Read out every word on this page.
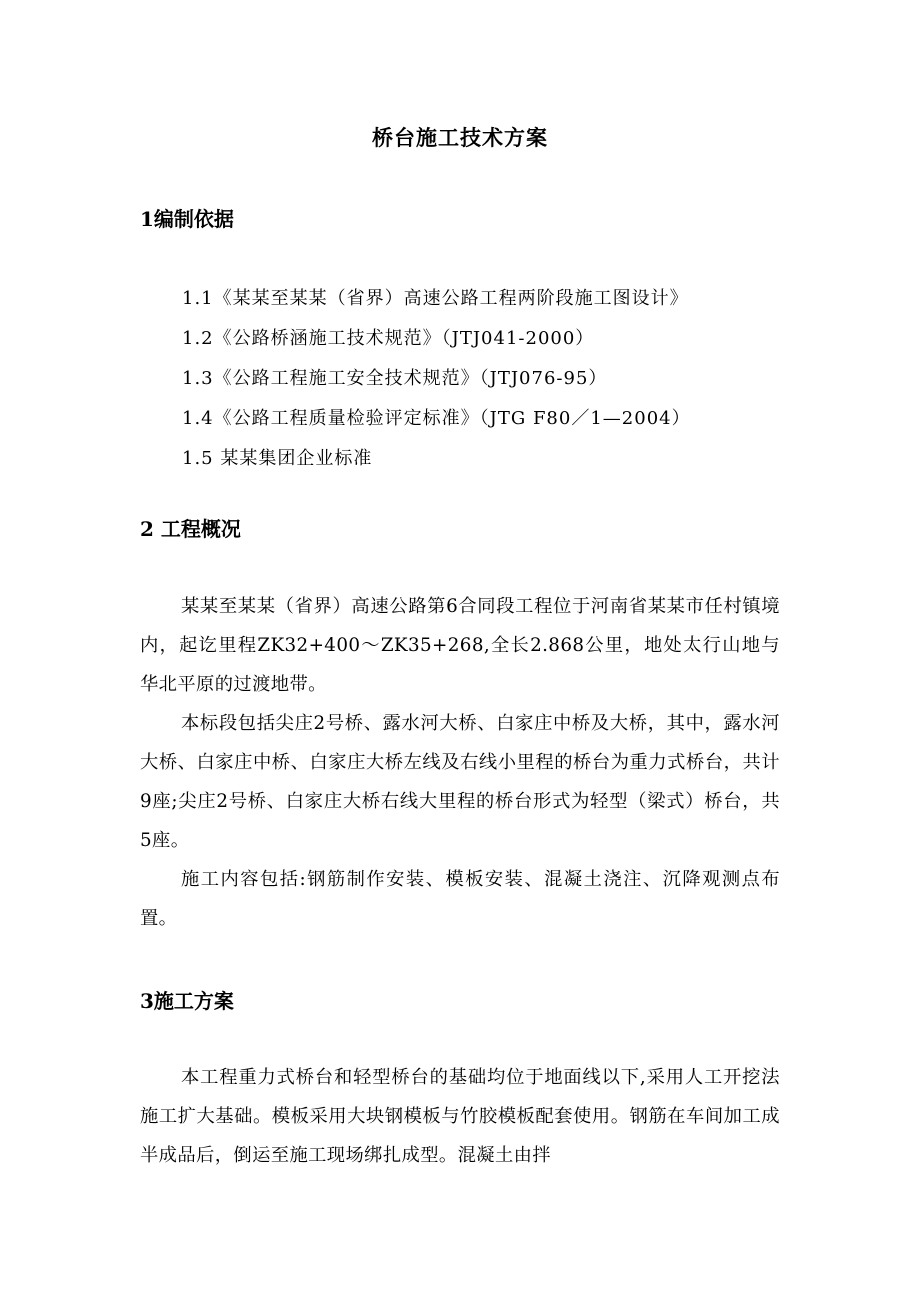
桥台施工技术方案
1编制依据
1.1《某某至某某（省界）高速公路工程两阶段施工图设计》
1.2《公路桥涵施工技术规范》（JTJ041-2000）
1.3《公路工程施工安全技术规范》（JTJ076-95）
1.4《公路工程质量检验评定标准》（JTG F80／1—2004）
1.5 某某集团企业标准
2 工程概况
某某至某某（省界）高速公路第6合同段工程位于河南省某某市任村镇境内，起讫里程ZK32+400～ZK35+268,全长2.868公里，地处太行山地与华北平原的过渡地带。
本标段包括尖庄2号桥、露水河大桥、白家庄中桥及大桥，其中，露水河大桥、白家庄中桥、白家庄大桥左线及右线小里程的桥台为重力式桥台，共计9座;尖庄2号桥、白家庄大桥右线大里程的桥台形式为轻型（梁式）桥台，共5座。
施工内容包括:钢筋制作安装、模板安装、混凝土浇注、沉降观测点布置。
3施工方案
本工程重力式桥台和轻型桥台的基础均位于地面线以下,采用人工开挖法施工扩大基础。模板采用大块钢模板与竹胶模板配套使用。钢筋在车间加工成半成品后，倒运至施工现场绑扎成型。混凝土由拌
